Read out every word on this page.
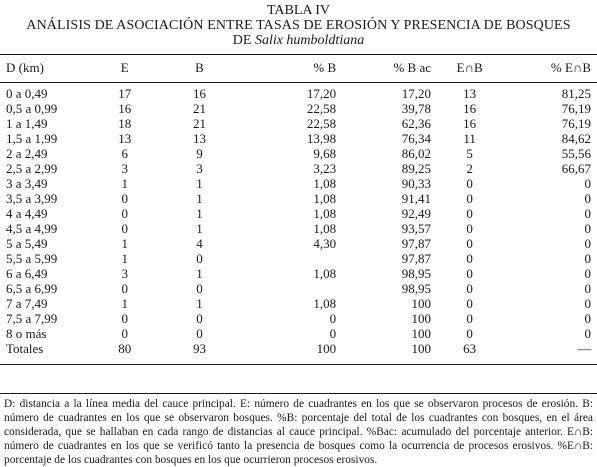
TABLA IV
ANÁLISIS DE ASOCIACIÓN ENTRE TASAS DE EROSIÓN Y PRESENCIA DE BOSQUES
DE Salix humboldtiana
D (km)	E	B	% B	% B ac	E∩B	% E∩B
0 a 0,49	17	16	17,20	17,20	13	81,25
0,5 a 0,99	16	21	22,58	39,78	16	76,19
1 a 1,49	18	21	22,58	62,36	16	76,19
1,5 a 1,99	13	13	13,98	76,34	11	84,62
2 a 2,49	6	9	9,68	86,02	5	55,56
2,5 a 2,99	3	3	3,23	89,25	2	66,67
3 a 3,49	1	1	1,08	90,33	0	0
3,5 a 3,99	0	1	1,08	91,41	0	0
4 a 4,49	0	1	1,08	92,49	0	0
4,5 a 4,99	0	1	1,08	93,57	0	0
5 a 5,49	1	4	4,30	97,87	0	0
5,5 a 5,99	1	0		97,87	0	0
6 a 6,49	3	1	1,08	98,95	0	0
6,5 a 6,99	0	0		98,95	0	0
7 a 7,49	1	1	1,08	100	0	0
7,5 a 7,99	0	0	0	100	0	0
8 o más	0	0	0	100	0	0
Totales	80	93	100	100	63	—
D: distancia a la línea media del cauce principal. E: número de cuadrantes en los que se observaron procesos de erosión. B: número de cuadrantes en los que se observaron bosques. %B: porcentaje del total de los cuadrantes con bosques, en el área considerada, que se hallaban en cada rango de distancias al cauce principal. %Bac: acumulado del porcentaje anterior. E∩B: número de cuadrantes en los que se verificó tanto la presencia de bosques como la ocurrencia de procesos erosivos. %E∩B: porcentaje de los cuadrantes con bosques en los que ocurrieron procesos erosivos.
